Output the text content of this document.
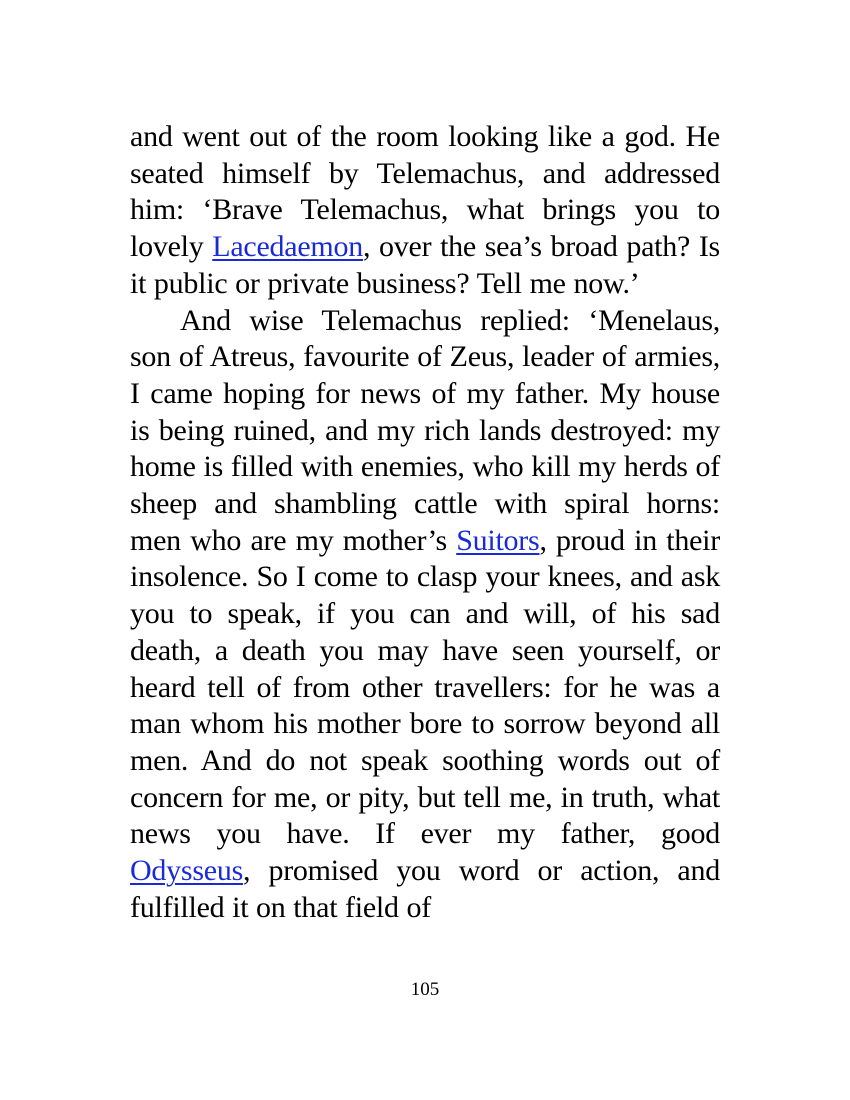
and went out of the room looking like a god. He seated himself by Telemachus, and addressed him: ‘Brave Telemachus, what brings you to lovely Lacedaemon, over the sea’s broad path? Is it public or private business? Tell me now.’

And wise Telemachus replied: ‘Menelaus, son of Atreus, favourite of Zeus, leader of armies, I came hoping for news of my father. My house is being ruined, and my rich lands destroyed: my home is filled with enemies, who kill my herds of sheep and shambling cattle with spiral horns: men who are my mother’s Suitors, proud in their insolence. So I come to clasp your knees, and ask you to speak, if you can and will, of his sad death, a death you may have seen yourself, or heard tell of from other travellers: for he was a man whom his mother bore to sorrow beyond all men. And do not speak soothing words out of concern for me, or pity, but tell me, in truth, what news you have. If ever my father, good Odysseus, promised you word or action, and fulfilled it on that field of

105
